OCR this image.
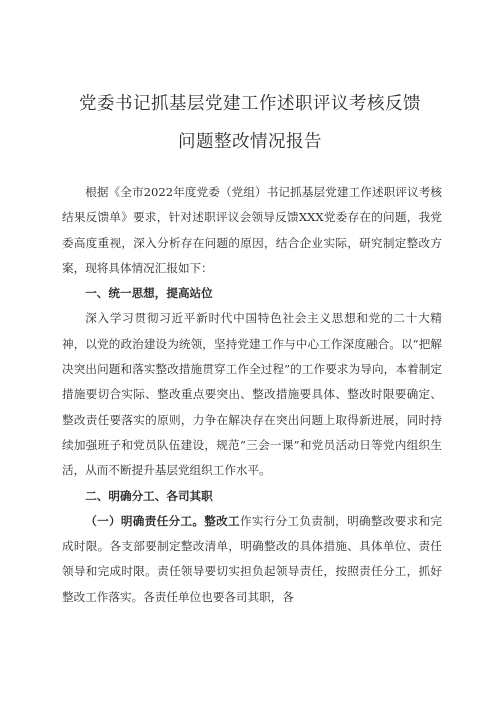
党委书记抓基层党建工作述职评议考核反馈
问题整改情况报告

根据《全市2022年度党委（党组）书记抓基层党建工作述职评议考核结果反馈单》要求，针对述职评议会领导反馈XXX党委存在的问题，我党委高度重视，深入分析存在问题的原因，结合企业实际，研究制定整改方案，现将具体情况汇报如下：

一、统一思想，提高站位

深入学习贯彻习近平新时代中国特色社会主义思想和党的二十大精神，以党的政治建设为统领，坚持党建工作与中心工作深度融合。以“把解决突出问题和落实整改措施贯穿工作全过程”的工作要求为导向，本着制定措施要切合实际、整改重点要突出、整改措施要具体、整改时限要确定、整改责任要落实的原则，力争在解决存在突出问题上取得新进展，同时持续加强班子和党员队伍建设，规范“三会一课”和党员活动日等党内组织生活，从而不断提升基层党组织工作水平。

二、明确分工、各司其职

（一）明确责任分工。整改工作实行分工负责制，明确整改要求和完成时限。各支部要制定整改清单，明确整改的具体措施、具体单位、责任领导和完成时限。责任领导要切实担负起领导责任，按照责任分工，抓好整改工作落实。各责任单位也要各司其职，各
